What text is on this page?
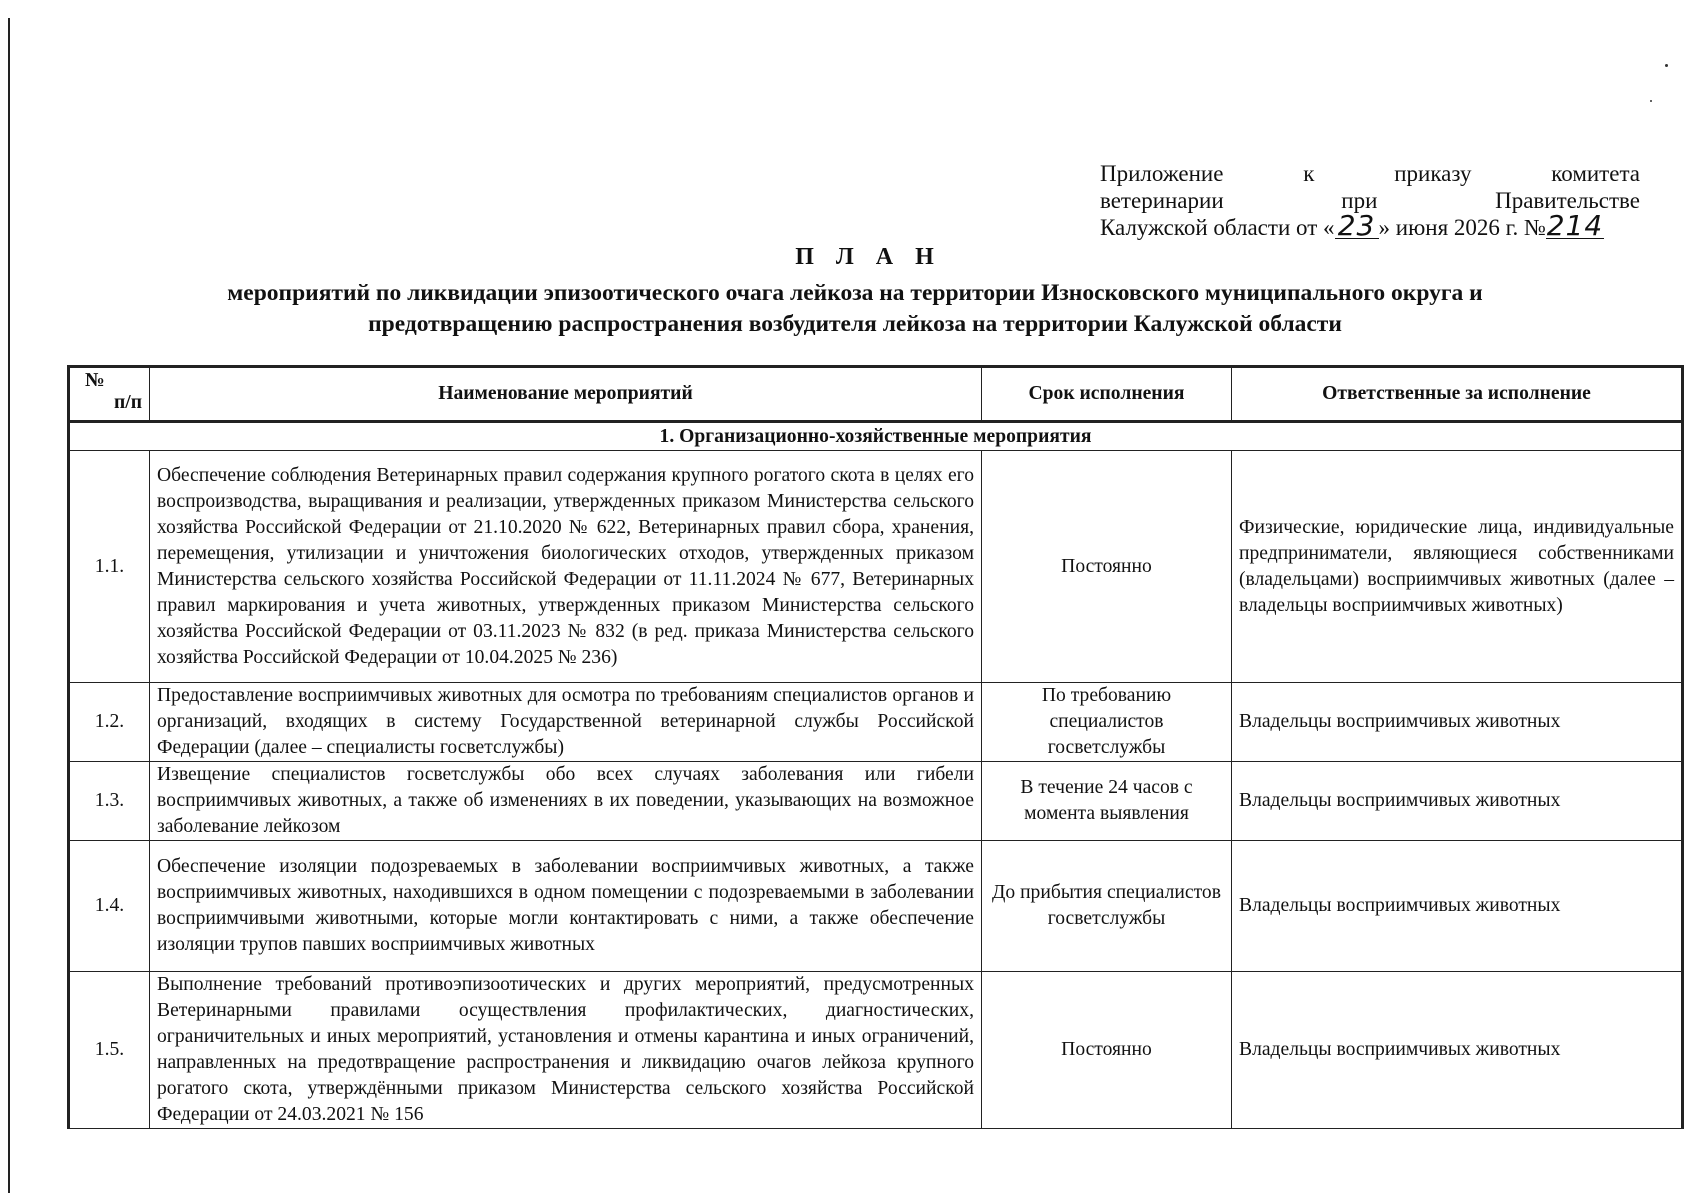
Приложение	к	приказу	комитета
ветеринарии	при	Правительстве
Калужской области от « 23 » июня 2026 г. №214
П Л А Н
мероприятий по ликвидации эпизоотического очага лейкоза на территории Износковского муниципального округа и
предотвращению распространения возбудителя лейкоза на территории Калужской области
№
п/п	Наименование мероприятий	Срок исполнения	Ответственные за исполнение
1. Организационно-хозяйственные мероприятия			
1.1.	Обеспечение соблюдения Ветеринарных правил содержания крупного рогатого скота в целях его воспроизводства, выращивания и реализации, утвержденных приказом Министерства сельского хозяйства Российской Федерации от 21.10.2020 № 622, Ветеринарных правил сбора, хранения, перемещения, утилизации и уничтожения биологических отходов, утвержденных приказом Министерства сельского хозяйства Российской Федерации от 11.11.2024 № 677, Ветеринарных правил маркирования и учета животных, утвержденных приказом Министерства сельского хозяйства Российской Федерации от 03.11.2023 № 832 (в ред. приказа Министерства сельского хозяйства Российской Федерации от 10.04.2025 № 236)	Постоянно	Физические, юридические лица, индивидуальные предприниматели, являющиеся собственниками (владельцами) восприимчивых животных (далее – владельцы восприимчивых животных)
1.2.	Предоставление восприимчивых животных для осмотра по требованиям специалистов органов и организаций, входящих в систему Государственной ветеринарной службы Российской Федерации (далее – специалисты госветслужбы)	По требованию специалистов госветслужбы	Владельцы восприимчивых животных
1.3.	Извещение специалистов госветслужбы обо всех случаях заболевания или гибели восприимчивых животных, а также об изменениях в их поведении, указывающих на возможное заболевание лейкозом	В течение 24 часов с момента выявления	Владельцы восприимчивых животных
1.4.	Обеспечение изоляции подозреваемых в заболевании восприимчивых животных, а также восприимчивых животных, находившихся в одном помещении с подозреваемыми в заболевании восприимчивыми животными, которые могли контактировать с ними, а также обеспечение изоляции трупов павших восприимчивых животных	До прибытия специалистов госветслужбы	Владельцы восприимчивых животных
1.5.	Выполнение требований противоэпизоотических и других мероприятий, предусмотренных Ветеринарными правилами осуществления профилактических, диагностических, ограничительных и иных мероприятий, установления и отмены карантина и иных ограничений, направленных на предотвращение распространения и ликвидацию очагов лейкоза крупного рогатого скота, утверждёнными приказом Министерства сельского хозяйства Российской Федерации от 24.03.2021 № 156	Постоянно	Владельцы восприимчивых животных
